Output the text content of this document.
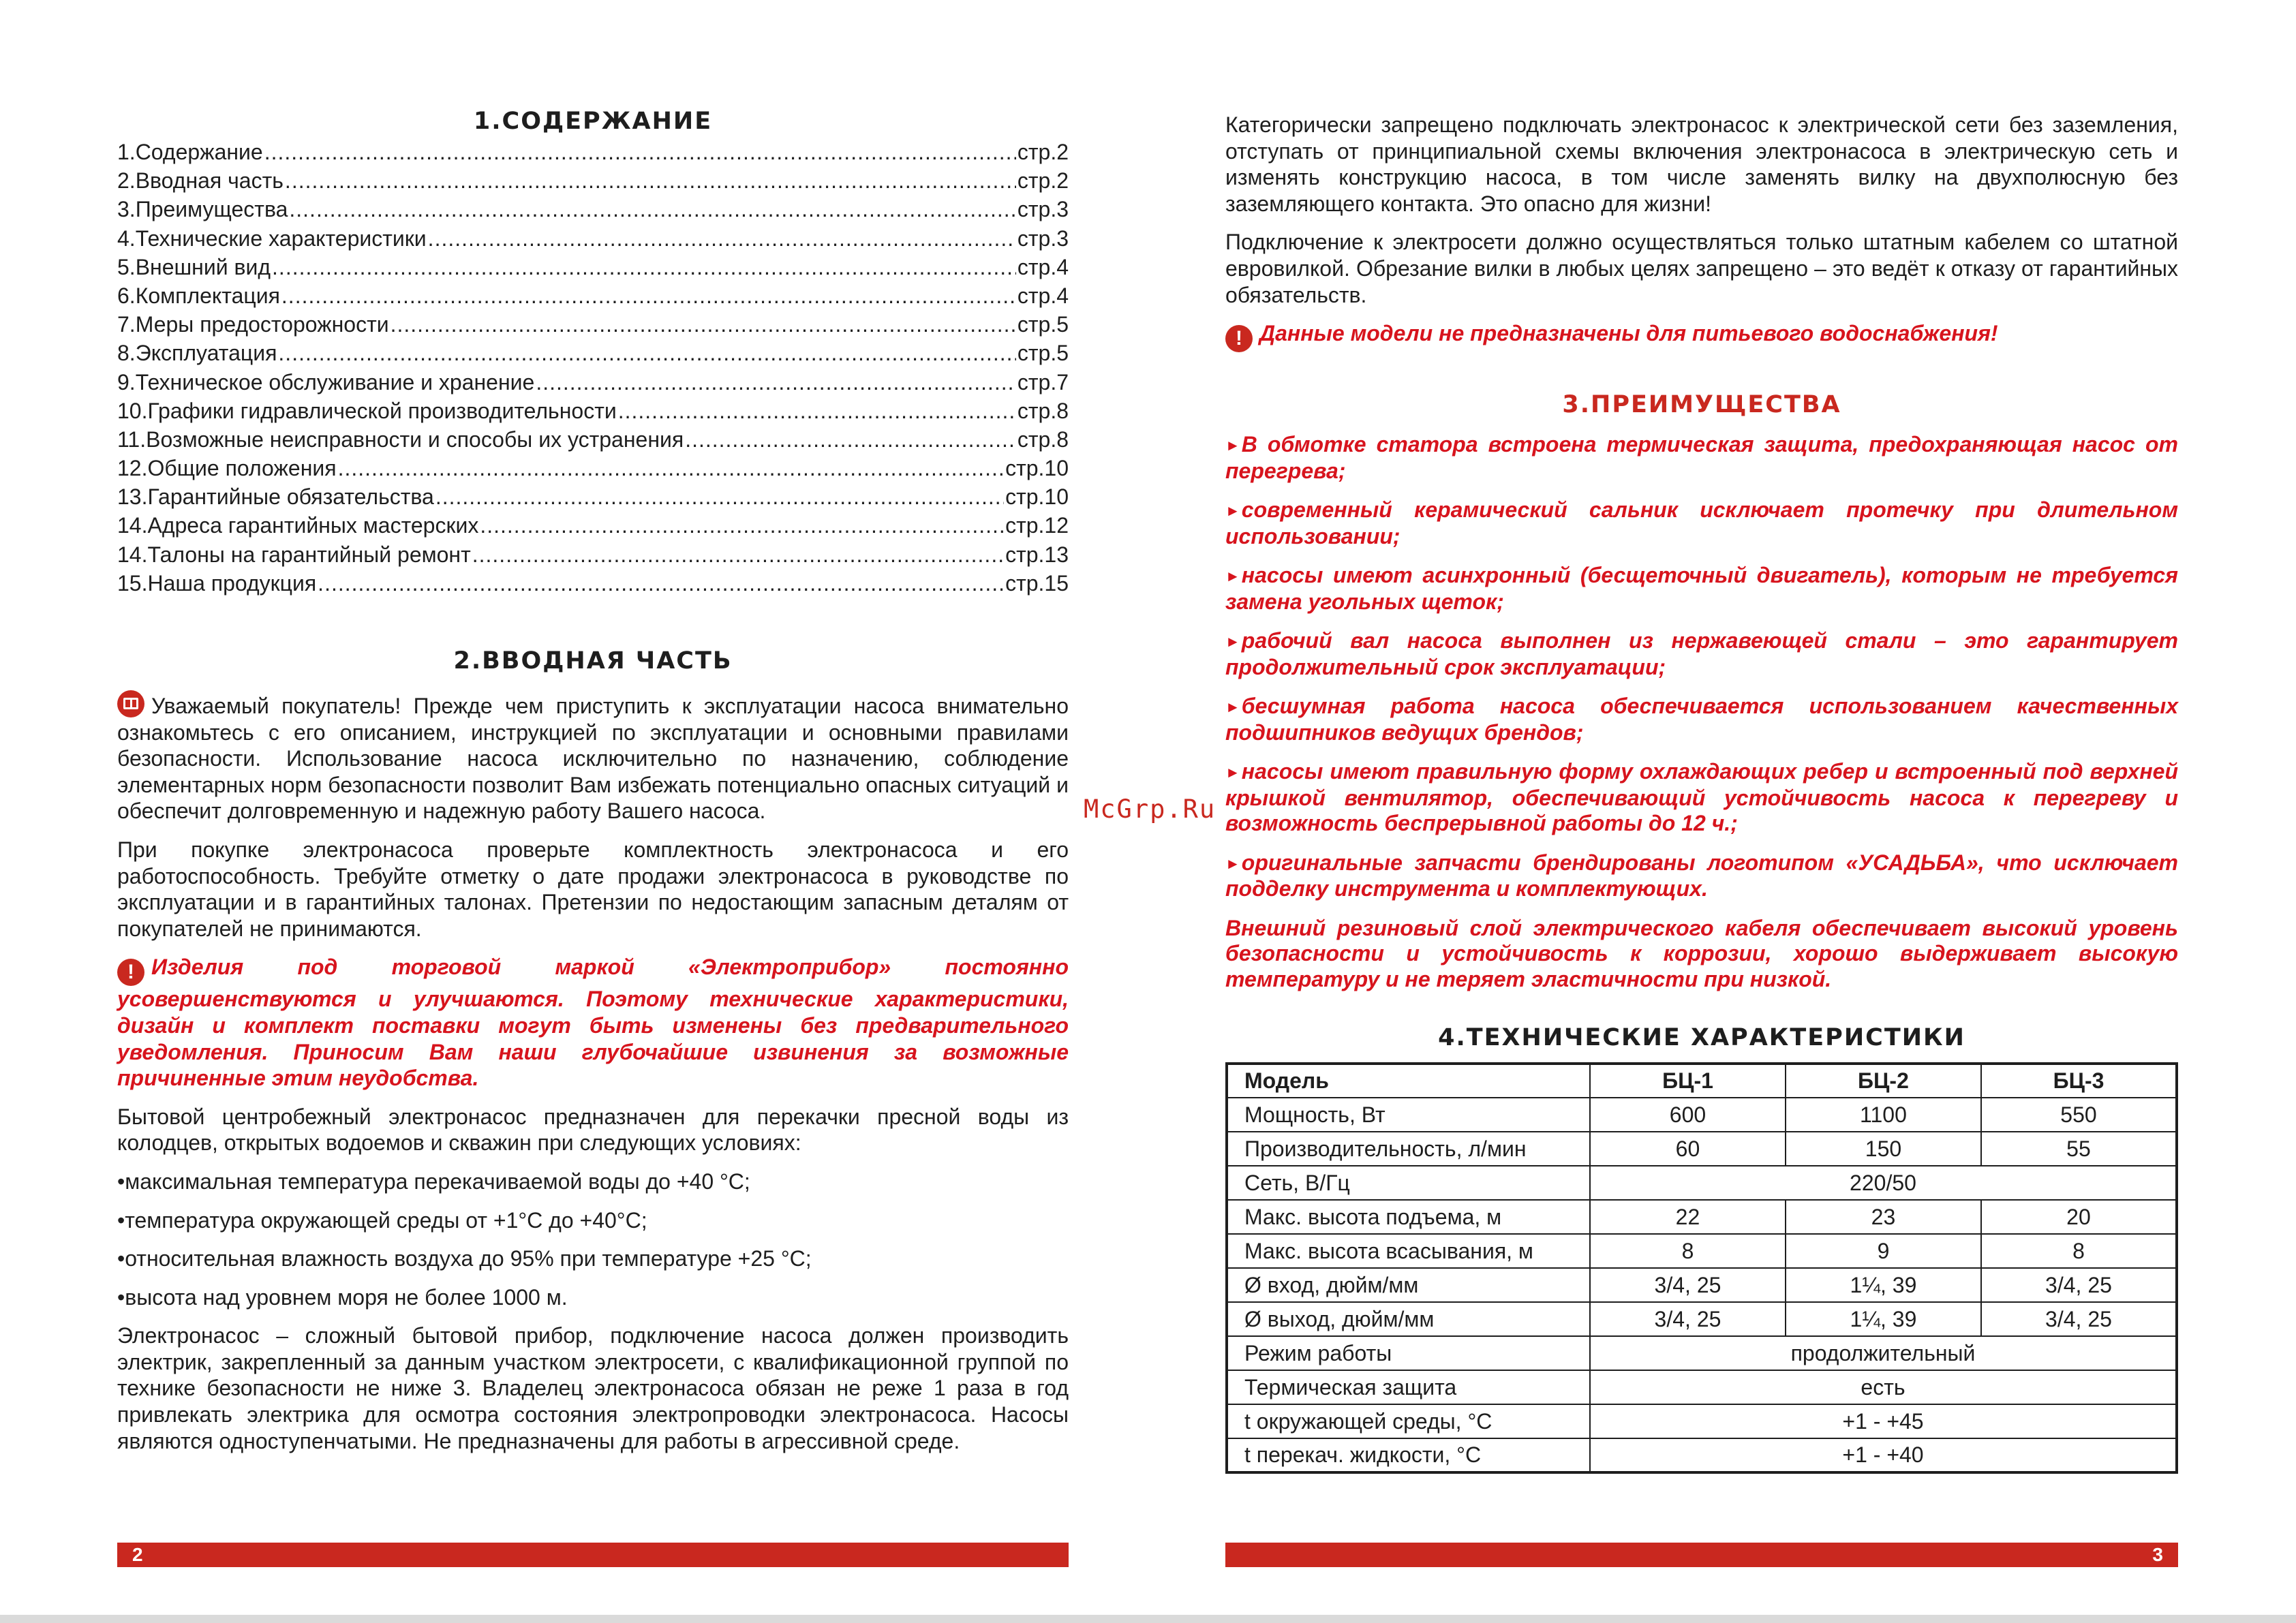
1.СОДЕРЖАНИЕ
1.Содержание .....	стр.2
2.Вводная часть .....	стр.2
3.Преимущества .....	стр.3
4.Технические характеристики .....	стр.3
5.Внешний вид .....	стр.4
6.Комплектация .....	стр.4
7.Меры предосторожности .....	стр.5
8.Эксплуатация .....	стр.5
9.Техническое обслуживание и хранение .....	стр.7
10.Графики гидравлической производительности .....	стр.8
11.Возможные неисправности и способы их устранения .....	стр.8
12.Общие положения .....	стр.10
13.Гарантийные обязательства .....	стр.10
14.Адреса гарантийных мастерских .....	стр.12
14.Талоны на гарантийный ремонт .....	стр.13
15.Наша продукция .....	стр.15
2.ВВОДНАЯ ЧАСТЬ

Уважаемый покупатель! Прежде чем приступить к эксплуатации насоса внимательно ознакомьтесь с его описанием, инструкцией по эксплуатации и основными правилами безопасности. Использование насоса исключительно по назначению, соблюдение элементарных норм безопасности позволит Вам избежать потенциально опасных ситуаций и обеспечит долговременную и надежную работу Вашего насоса.

При покупке электронасоса проверьте комплектность электронасоса и его работоспособность. Требуйте отметку о дате продажи электронасоса в руководстве по эксплуатации и в гарантийных талонах. Претензии по недостающим запасным деталям от покупателей не принимаются.

! Изделия под торговой маркой «Электроприбор» постоянно усовершенствуются и улучшаются. Поэтому технические характеристики, дизайн и комплект поставки могут быть изменены без предварительного уведомления. Приносим Вам наши глубочайшие извинения за возможные причиненные этим неудобства.

Бытовой центробежный электронасос предназначен для перекачки пресной воды из колодцев, открытых водоемов и скважин при следующих условиях:

•максимальная температура перекачиваемой воды до +40 °С;

•температура окружающей среды от +1°С до +40°С;

•относительная влажность воздуха до 95% при температуре +25 °С;

•высота над уровнем моря не более 1000 м.

Электронасос – сложный бытовой прибор, подключение насоса должен производить электрик, закрепленный за данным участком электросети, с квалификационной группой по технике безопасности не ниже 3. Владелец электронасоса обязан не реже 1 раза в год привлекать электрика для осмотра состояния электропроводки электронасоса. Насосы являются одноступенчатыми. Не предназначены для работы в агрессивной среде.

2
McGrp.Ru

Категорически запрещено подключать электронасос к электрической сети без заземления, отступать от принципиальной схемы включения электронасоса в электрическую сеть и изменять конструкцию насоса, в том числе заменять вилку на двухполюсную без заземляющего контакта. Это опасно для жизни!

Подключение к электросети должно осуществляться только штатным кабелем со штатной евровилкой. Обрезание вилки в любых целях запрещено – это ведёт к отказу от гарантийных обязательств.

! Данные модели не предназначены для питьевого водоснабжения!

3.ПРЕИМУЩЕСТВА

►В обмотке статора встроена термическая защита, предохраняющая насос от перегрева;

►современный керамический сальник исключает протечку при длительном использовании;

►насосы имеют асинхронный (бесщеточный двигатель), которым не требуется замена угольных щеток;

►рабочий вал насоса выполнен из нержавеющей стали – это гарантирует продолжительный срок эксплуатации;

►бесшумная работа насоса обеспечивается использованием качественных подшипников ведущих брендов;

►насосы имеют правильную форму охлаждающих ребер и встроенный под верхней крышкой вентилятор, обеспечивающий устойчивость насоса к перегреву и возможность беспрерывной работы до 12 ч.;

►оригинальные запчасти брендированы логотипом «УСАДЬБА», что исключает подделку инструмента и комплектующих.

Внешний резиновый слой электрического кабеля обеспечивает высокий уровень безопасности и устойчивость к коррозии, хорошо выдерживает высокую температуру и не теряет эластичности при низкой.

4.ТЕХНИЧЕСКИЕ ХАРАКТЕРИСТИКИ
Модель	БЦ-1	БЦ-2	БЦ-3
Мощность, Вт	600	1100	550
Производительность, л/мин	60	150	55
Сеть, В/Гц	220/50		
Макс. высота подъема, м	22	23	20
Макс. высота всасывания, м	8	9	8
Ø вход, дюйм/мм	3/4, 25	1¼, 39	3/4, 25
Ø выход, дюйм/мм	3/4, 25	1¼, 39	3/4, 25
Режим работы	продолжительный		
Термическая защита	есть		
t окружающей среды, °С	+1 - +45		
t перекач. жидкости, °С	+1 - +40		
3
